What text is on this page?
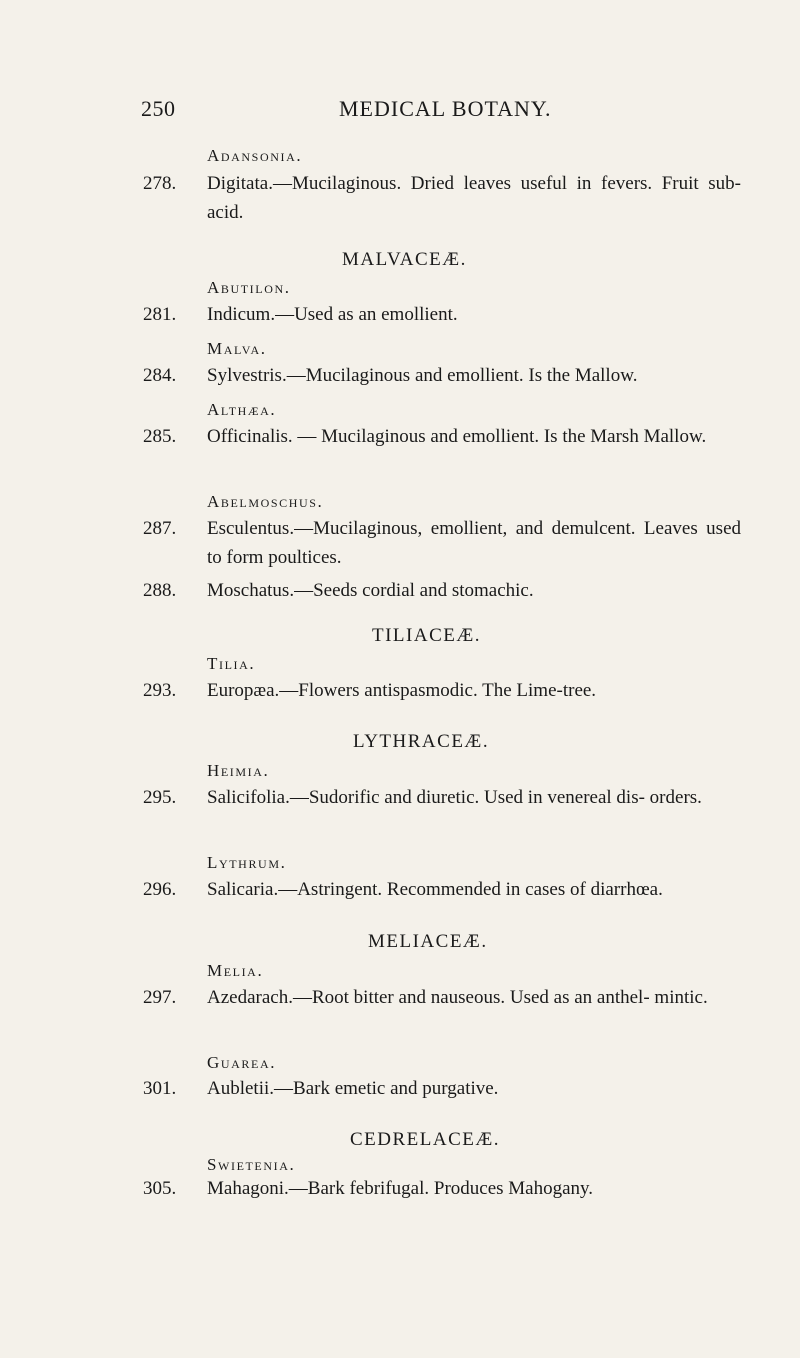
250	MEDICAL BOTANY.
Adansonia.
278.	Digitata.—Mucilaginous. Dried leaves useful in fevers. Fruit sub-acid.
MALVACEÆ.
Abutilon.
281.	Indicum.—Used as an emollient.
Malva.
284.	Sylvestris.—Mucilaginous and emollient. Is the Mallow.
Althæa.
285.	Officinalis. — Mucilaginous and emollient. Is the Marsh Mallow.
Abelmoschus.
287.	Esculentus.—Mucilaginous, emollient, and demulcent. Leaves used to form poultices.
288.	Moschatus.—Seeds cordial and stomachic.
TILIACEÆ.
Tilia.
293.	Europæa.—Flowers antispasmodic. The Lime-tree.
LYTHRACEÆ.
Heimia.
295.	Salicifolia.—Sudorific and diuretic. Used in venereal dis- orders.
Lythrum.
296.	Salicaria.—Astringent. Recommended in cases of diarrhœa.
MELIACEÆ.
Melia.
297.	Azedarach.—Root bitter and nauseous. Used as an anthel- mintic.
Guarea.
301.	Aubletii.—Bark emetic and purgative.
CEDRELACEÆ.
Swietenia.
305.	Mahagoni.—Bark febrifugal. Produces Mahogany.
